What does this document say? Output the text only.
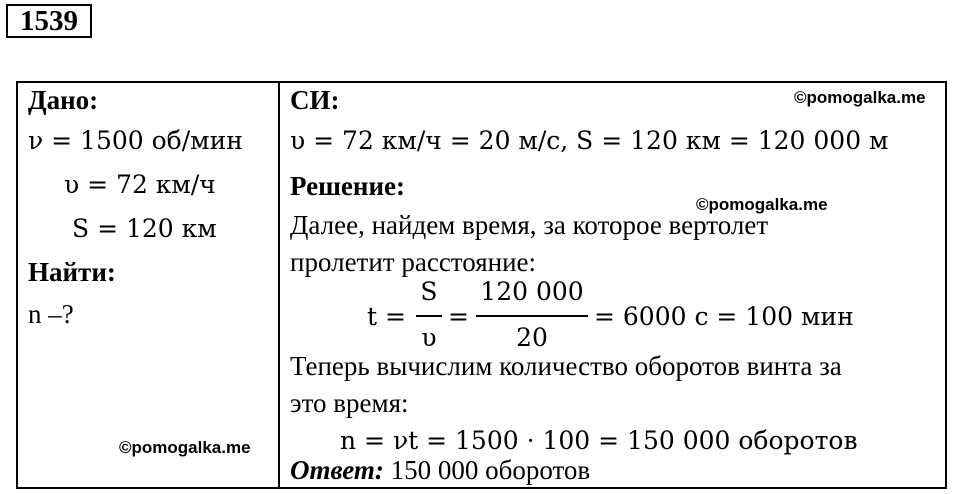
1539
Дано:
ν = 1500 об/мин
υ = 72 км/ч
S = 120 км
Найти:
n –?
©pomogalka.me
СИ:	©pomogalka.me
υ = 72 км/ч = 20 м/с, S = 120 км = 120 000 м
Решение:
©pomogalka.me
Далее, найдем время, за которое вертолет
пролетит расстояние:
t =
S
υ
=
120 000
20
= 6000 с = 100 мин
Теперь вычислим количество оборотов винта за
это время:
n = νt = 1500 · 100 = 150 000 оборотов
Ответ: 150 000 оборотов
